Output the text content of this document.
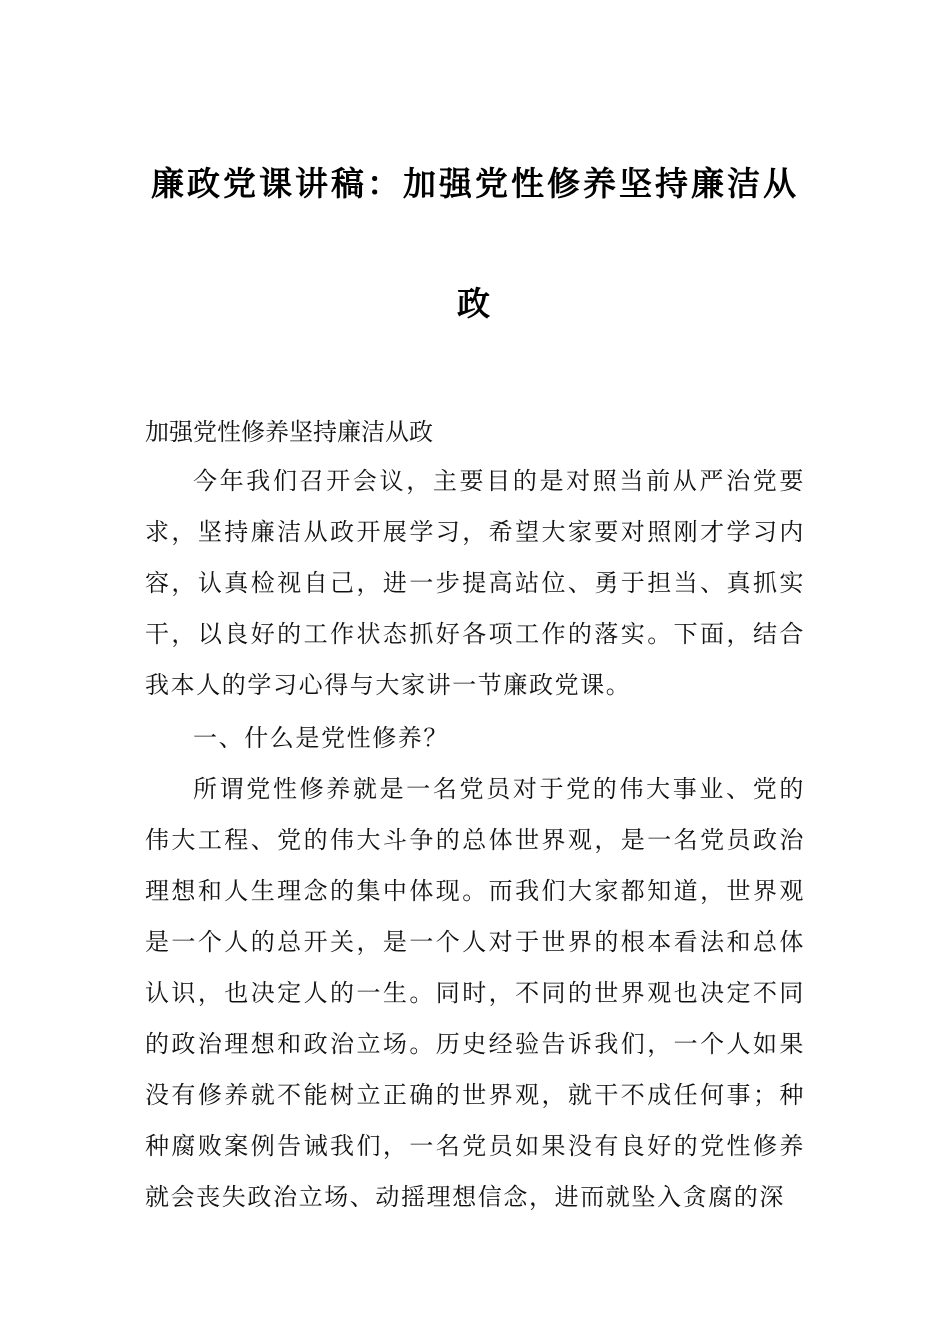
廉政党课讲稿：加强党性修养坚持廉洁从
政

加强党性修养坚持廉洁从政

今年我们召开会议，主要目的是对照当前从严治党要求，坚持廉洁从政开展学习，希望大家要对照刚才学习内容，认真检视自己，进一步提高站位、勇于担当、真抓实干，以良好的工作状态抓好各项工作的落实。下面，结合我本人的学习心得与大家讲一节廉政党课。

一、什么是党性修养？

所谓党性修养就是一名党员对于党的伟大事业、党的伟大工程、党的伟大斗争的总体世界观，是一名党员政治理想和人生理念的集中体现。而我们大家都知道，世界观是一个人的总开关，是一个人对于世界的根本看法和总体认识，也决定人的一生。同时，不同的世界观也决定不同的政治理想和政治立场。历史经验告诉我们，一个人如果没有修养就不能树立正确的世界观，就干不成任何事；种种腐败案例告诫我们，一名党员如果没有良好的党性修养就会丧失政治立场、动摇理想信念，进而就坠入贪腐的深
